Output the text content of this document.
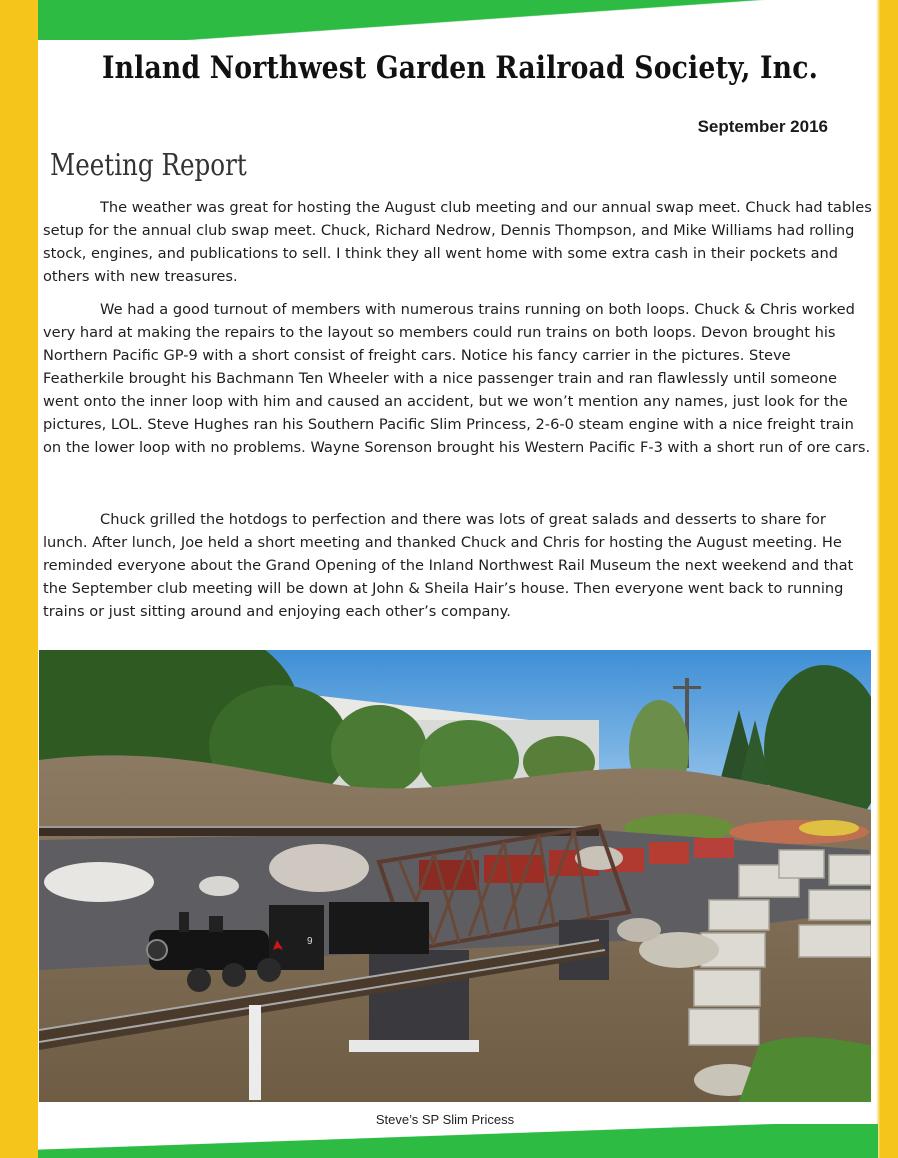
Inland Northwest Garden Railroad Society, Inc.
September 2016
Meeting Report

The weather was great for hosting the August club meeting and our annual swap meet. Chuck had tables setup for the annual club swap meet. Chuck, Richard Nedrow, Dennis Thompson, and Mike Williams had rolling stock, engines, and publications to sell. I think they all went home with some extra cash in their pockets and others with new treasures.

We had a good turnout of members with numerous trains running on both loops. Chuck & Chris worked very hard at making the repairs to the layout so members could run trains on both loops. Devon brought his Northern Pacific GP-9 with a short consist of freight cars. Notice his fancy carrier in the pictures. Steve Featherkile brought his Bachmann Ten Wheeler with a nice passenger train and ran flawlessly until someone went onto the inner loop with him and caused an accident, but we won’t mention any names, just look for the pictures, LOL. Steve Hughes ran his Southern Pacific Slim Princess, 2-6-0 steam engine with a nice freight train on the lower loop with no problems. Wayne Sorenson brought his Western Pacific F-3 with a short run of ore cars.

Chuck grilled the hotdogs to perfection and there was lots of great salads and desserts to share for lunch. After lunch, Joe held a short meeting and thanked Chuck and Chris for hosting the August meeting. He reminded everyone about the Grand Opening of the Inland Northwest Rail Museum the next weekend and that the September club meeting will be down at John & Sheila Hair’s house. Then everyone went back to running trains or just sitting around and enjoying each other’s company.

9
Steve’s SP Slim Pricess
